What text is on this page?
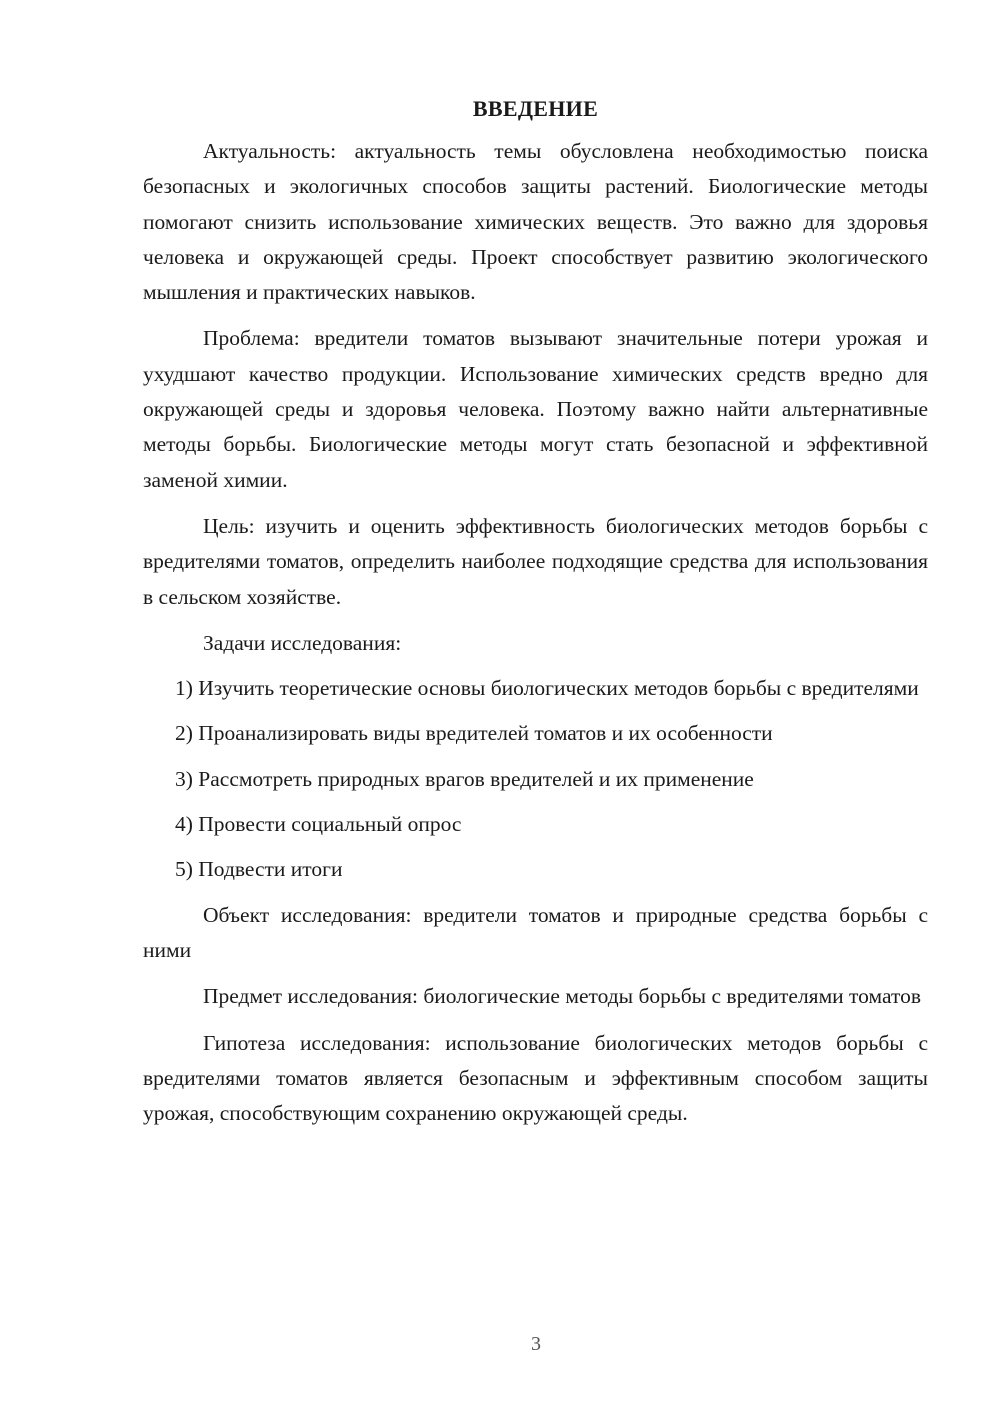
ВВЕДЕНИЕ

Актуальность: актуальность темы обусловлена необходимостью поиска безопасных и экологичных способов защиты растений. Биологические методы помогают снизить использование химических веществ. Это важно для здоровья человека и окружающей среды. Проект способствует развитию экологического мышления и практических навыков.

Проблема: вредители томатов вызывают значительные потери урожая и ухудшают качество продукции. Использование химических средств вредно для окружающей среды и здоровья человека. Поэтому важно найти альтернативные методы борьбы. Биологические методы могут стать безопасной и эффективной заменой химии.

Цель: изучить и оценить эффективность биологических методов борьбы с вредителями томатов, определить наиболее подходящие средства для использования в сельском хозяйстве.

Задачи исследования:

1) Изучить теоретические основы биологических методов борьбы с вредителями

2) Проанализировать виды вредителей томатов и их особенности

3) Рассмотреть природных врагов вредителей и их применение

4) Провести социальный опрос

5) Подвести итоги

Объект исследования: вредители томатов и природные средства борьбы с ними

Предмет исследования: биологические методы борьбы с вредителями томатов

Гипотеза исследования: использование биологических методов борьбы с вредителями томатов является безопасным и эффективным способом защиты урожая, способствующим сохранению окружающей среды.

3
